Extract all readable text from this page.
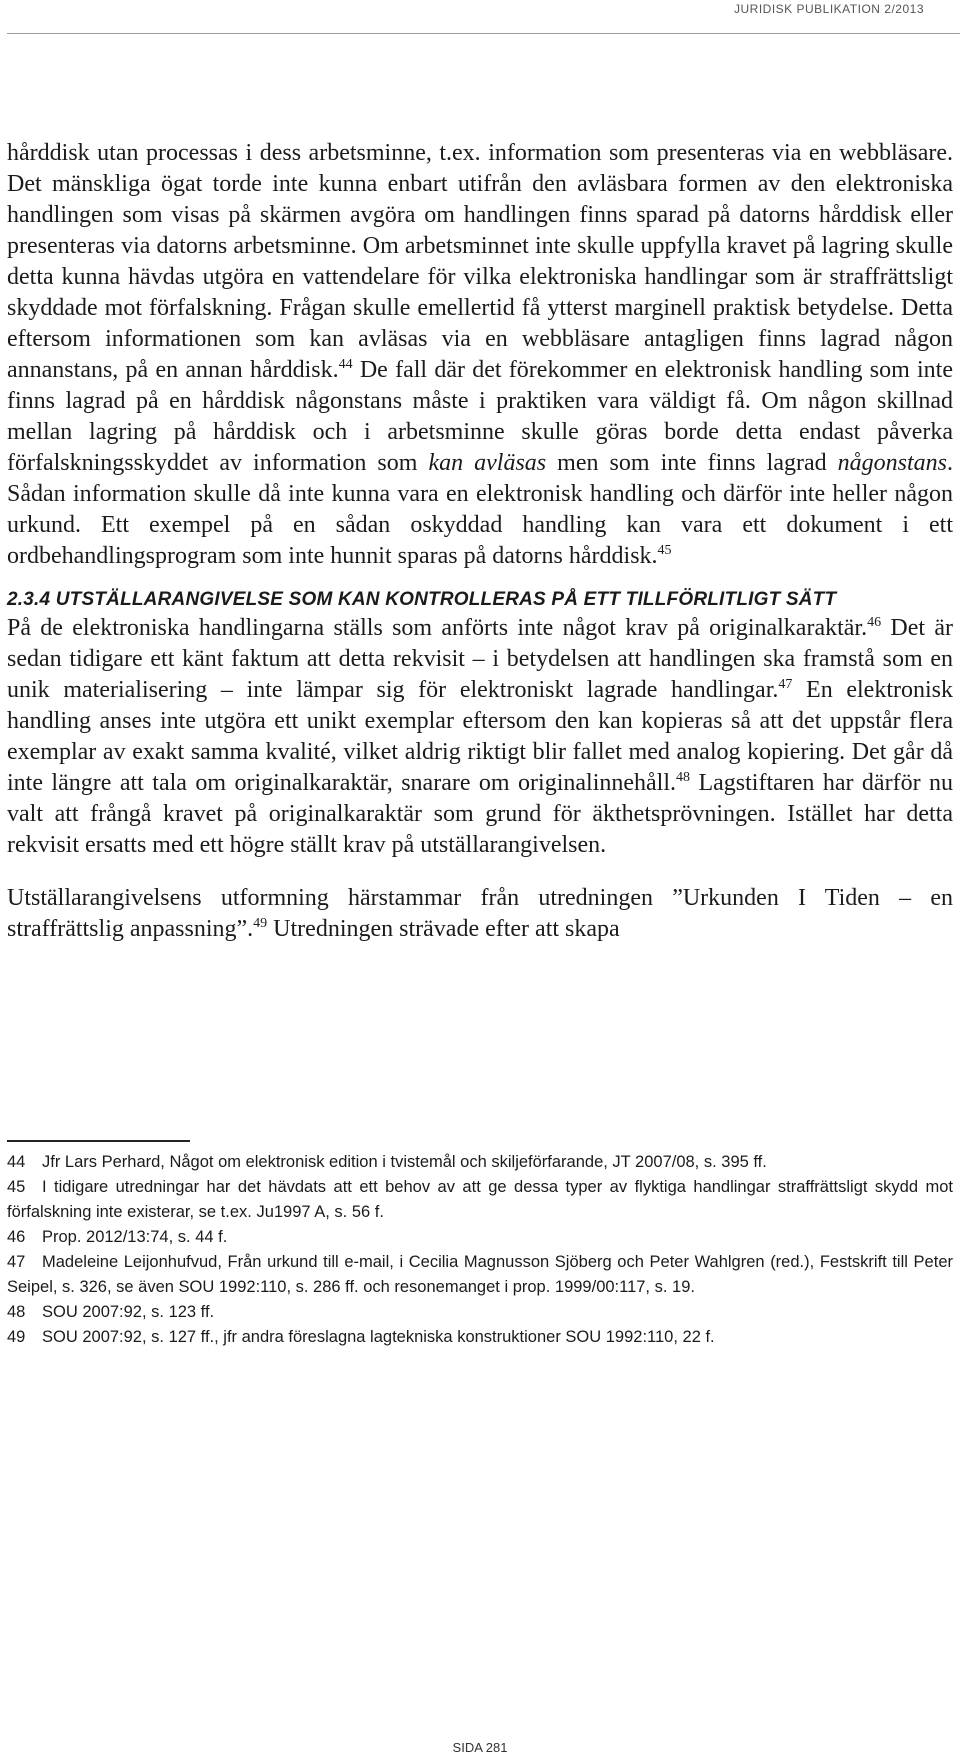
JURIDISK PUBLIKATION 2/2013

hårddisk utan processas i dess arbetsminne, t.ex. information som presenteras via en webbläsare. Det mänskliga ögat torde inte kunna enbart utifrån den avläsbara formen av den elektroniska handlingen som visas på skärmen avgöra om handlingen finns sparad på datorns hårddisk eller presenteras via datorns arbetsminne. Om arbetsminnet inte skulle uppfylla kravet på lagring skulle detta kunna hävdas utgöra en vattendelare för vilka elektroniska handlingar som är straffrättsligt skyddade mot förfalskning. Frågan skulle emellertid få ytterst marginell praktisk betydelse. Detta eftersom informationen som kan avläsas via en webbläsare antagligen finns lagrad någon annanstans, på en annan hårddisk.$^{44}$ De fall där det förekommer en elektronisk handling som inte finns lagrad på en hårddisk någonstans måste i praktiken vara väldigt få. Om någon skillnad mellan lagring på hårddisk och i arbetsminne skulle göras borde detta endast påverka förfalskningsskyddet av information som kan avläsas men som inte finns lagrad någonstans. Sådan information skulle då inte kunna vara en elektronisk handling och därför inte heller någon urkund. Ett exempel på en sådan oskyddad handling kan vara ett dokument i ett ordbehandlingsprogram som inte hunnit sparas på datorns hårddisk.$^{45}$

2.3.4 UTSTÄLLARANGIVELSE SOM KAN KONTROLLERAS PÅ ETT TILLFÖRLITLIGT SÄTT

På de elektroniska handlingarna ställs som anförts inte något krav på originalkaraktär.$^{46}$ Det är sedan tidigare ett känt faktum att detta rekvisit – i betydelsen att handlingen ska framstå som en unik materialisering – inte lämpar sig för elektroniskt lagrade handlingar.$^{47}$ En elektronisk handling anses inte utgöra ett unikt exemplar eftersom den kan kopieras så att det uppstår flera exemplar av exakt samma kvalité, vilket aldrig riktigt blir fallet med analog kopiering. Det går då inte längre att tala om originalkaraktär, snarare om originalinnehåll.$^{48}$ Lagstiftaren har därför nu valt att frångå kravet på originalkaraktär som grund för äkthetsprövningen. Istället har detta rekvisit ersatts med ett högre ställt krav på utställarangivelsen.

Utställarangivelsens utformning härstammar från utredningen ”Urkunden I Tiden – en straffrättslig anpassning”.$^{49}$ Utredningen strävade efter att skapa

44 Jfr Lars Perhard, Något om elektronisk edition i tvistemål och skiljeförfarande, JT 2007/08, s. 395 ff.

45 I tidigare utredningar har det hävdats att ett behov av att ge dessa typer av flyktiga handlingar straffrättsligt skydd mot förfalskning inte existerar, se t.ex. Ju1997 A, s. 56 f.

46 Prop. 2012/13:74, s. 44 f.

47 Madeleine Leijonhufvud, Från urkund till e-mail, i Cecilia Magnusson Sjöberg och Peter Wahlgren (red.), Festskrift till Peter Seipel, s. 326, se även SOU 1992:110, s. 286 ff. och resonemanget i prop. 1999/00:117, s. 19.

48 SOU 2007:92, s. 123 ff.

49 SOU 2007:92, s. 127 ff., jfr andra föreslagna lagtekniska konstruktioner SOU 1992:110, 22 f.

SIDA 281
